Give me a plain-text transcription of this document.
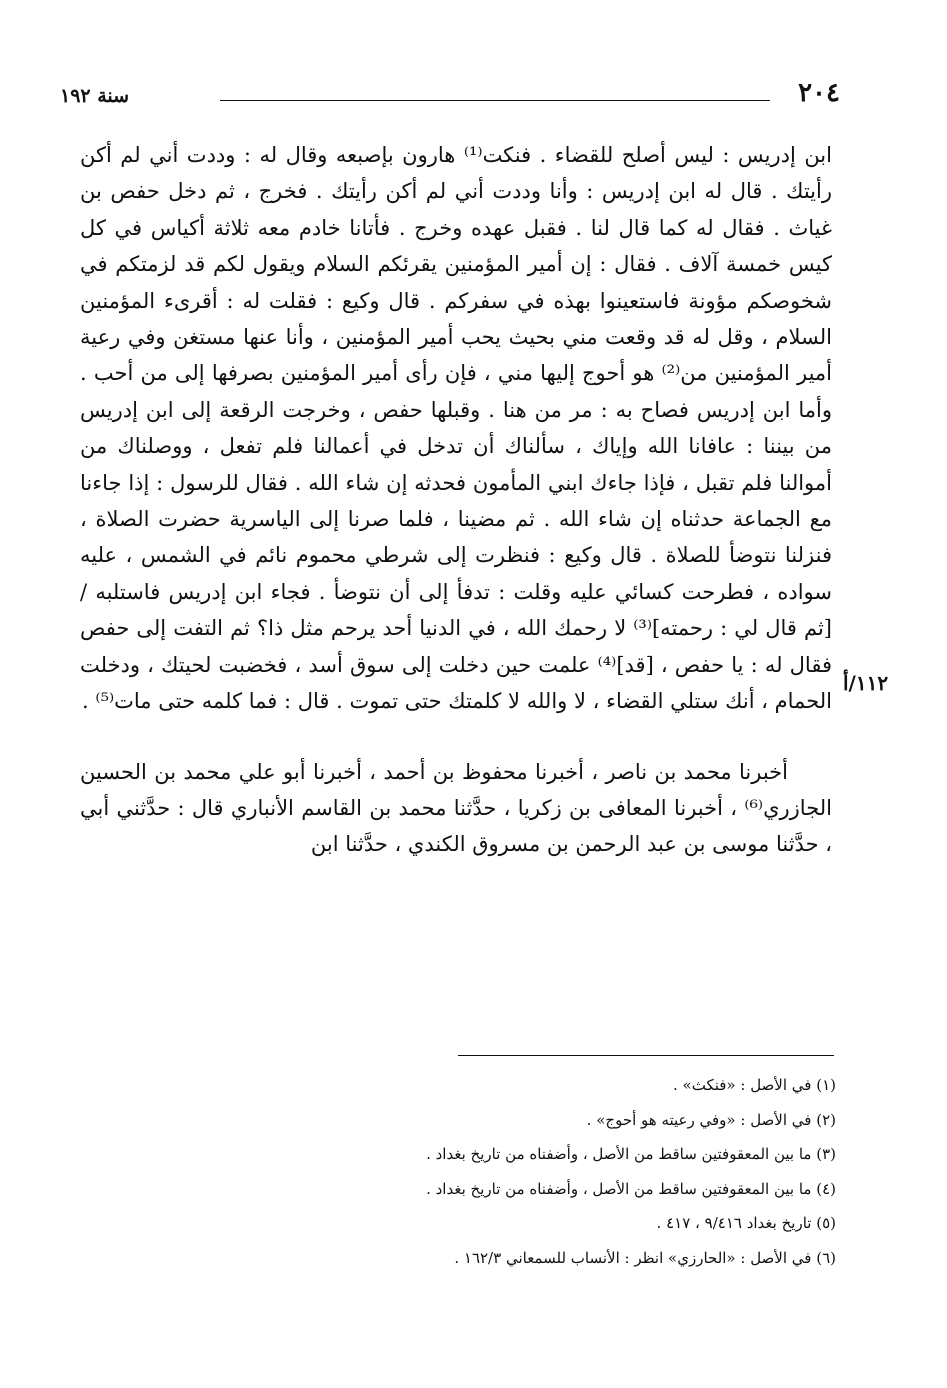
٢٠٤
سنة ١٩٢
١١٢/أ

ابن إدريس : ليس أصلح للقضاء . فنكت⁽¹⁾ هارون بإصبعه وقال له : وددت أني لم أكن رأيتك . قال له ابن إدريس : وأنا وددت أني لم أكن رأيتك . فخرج ، ثم دخل حفص بن غياث . فقال له كما قال لنا . فقبل عهده وخرج . فأتانا خادم معه ثلاثة أكياس في كل كيس خمسة آلاف . فقال : إن أمير المؤمنين يقرئكم السلام ويقول لكم قد لزمتكم في شخوصكم مؤونة فاستعينوا بهذه في سفركم . قال وكيع : فقلت له : أقرىء المؤمنين السلام ، وقل له قد وقعت مني بحيث يحب أمير المؤمنين ، وأنا عنها مستغن وفي رعية أمير المؤمنين من⁽²⁾ هو أحوج إليها مني ، فإن رأى أمير المؤمنين بصرفها إلى من أحب . وأما ابن إدريس فصاح به : مر من هنا . وقبلها حفص ، وخرجت الرقعة إلى ابن إدريس من بيننا : عافانا الله وإياك ، سألناك أن تدخل في أعمالنا فلم تفعل ، ووصلناك من أموالنا فلم تقبل ، فإذا جاءك ابني المأمون فحدثه إن شاء الله . فقال للرسول : إذا جاءنا مع الجماعة حدثناه إن شاء الله . ثم مضينا ، فلما صرنا إلى الياسرية حضرت الصلاة ، فنزلنا نتوضأ للصلاة . قال وكيع : فنظرت إلى شرطي محموم نائم في الشمس ، عليه سواده ، فطرحت كسائي عليه وقلت : تدفأ إلى أن نتوضأ . فجاء ابن إدريس فاستلبه / [ثم قال لي : رحمته]⁽³⁾ لا رحمك الله ، في الدنيا أحد يرحم مثل ذا؟ ثم التفت إلى حفص فقال له : يا حفص ، [قد]⁽⁴⁾ علمت حين دخلت إلى سوق أسد ، فخضبت لحيتك ، ودخلت الحمام ، أنك ستلي القضاء ، لا والله لا كلمتك حتى تموت . قال : فما كلمه حتى مات⁽⁵⁾ .

أخبرنا محمد بن ناصر ، أخبرنا محفوظ بن أحمد ، أخبرنا أبو علي محمد بن الحسين الجازري⁽⁶⁾ ، أخبرنا المعافى بن زكريا ، حدَّثنا محمد بن القاسم الأنباري قال : حدَّثني أبي ، حدَّثنا موسى بن عبد الرحمن بن مسروق الكندي ، حدَّثنا ابن

(١) في الأصل : «فنكث» .

(٢) في الأصل : «وفي رعيته هو أحوج» .

(٣) ما بين المعقوفتين ساقط من الأصل ، وأضفناه من تاريخ بغداد .

(٤) ما بين المعقوفتين ساقط من الأصل ، وأضفناه من تاريخ بغداد .

(٥) تاريخ بغداد ٩/٤١٦ ، ٤١٧ .

(٦) في الأصل : «الحارزي» انظر : الأنساب للسمعاني ١٦٢/٣ .
